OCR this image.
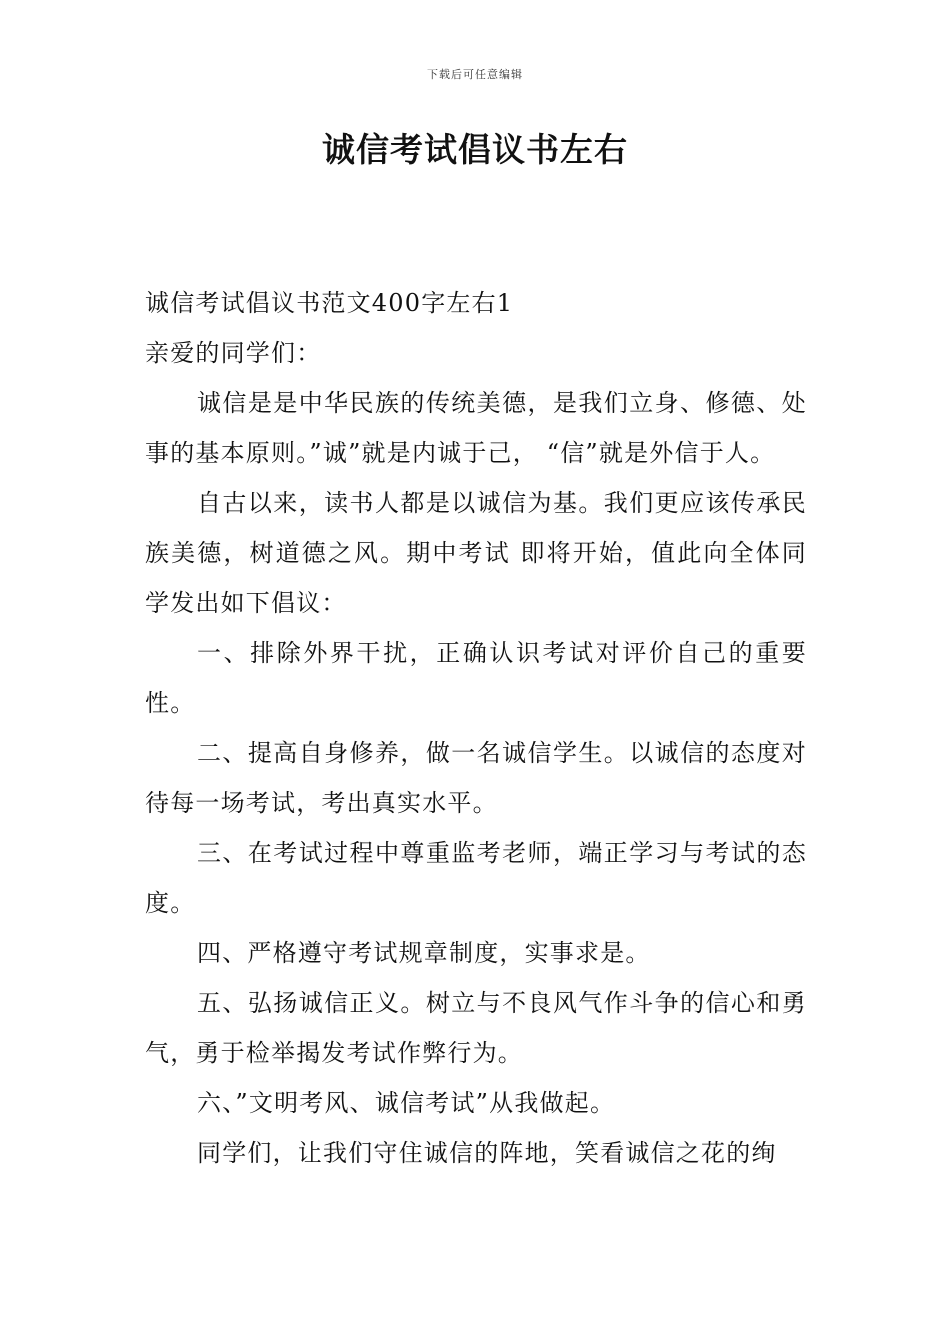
下载后可任意编辑
诚信考试倡议书左右

诚信考试倡议书范文400字左右1

亲爱的同学们：

诚信是是中华民族的传统美德，是我们立身、修德、处事的基本原则。”诚”就是内诚于己， “信”就是外信于人。

自古以来，读书人都是以诚信为基。我们更应该传承民族美德，树道德之风。期中考试 即将开始，值此向全体同学发出如下倡议：

一、排除外界干扰，正确认识考试对评价自己的重要性。

二、提高自身修养，做一名诚信学生。以诚信的态度对待每一场考试，考出真实水平。

三、在考试过程中尊重监考老师，端正学习与考试的态度。

四、严格遵守考试规章制度，实事求是。

五、弘扬诚信正义。树立与不良风气作斗争的信心和勇气，勇于检举揭发考试作弊行为。

六、”文明考风、诚信考试”从我做起。

同学们，让我们守住诚信的阵地，笑看诚信之花的绚
